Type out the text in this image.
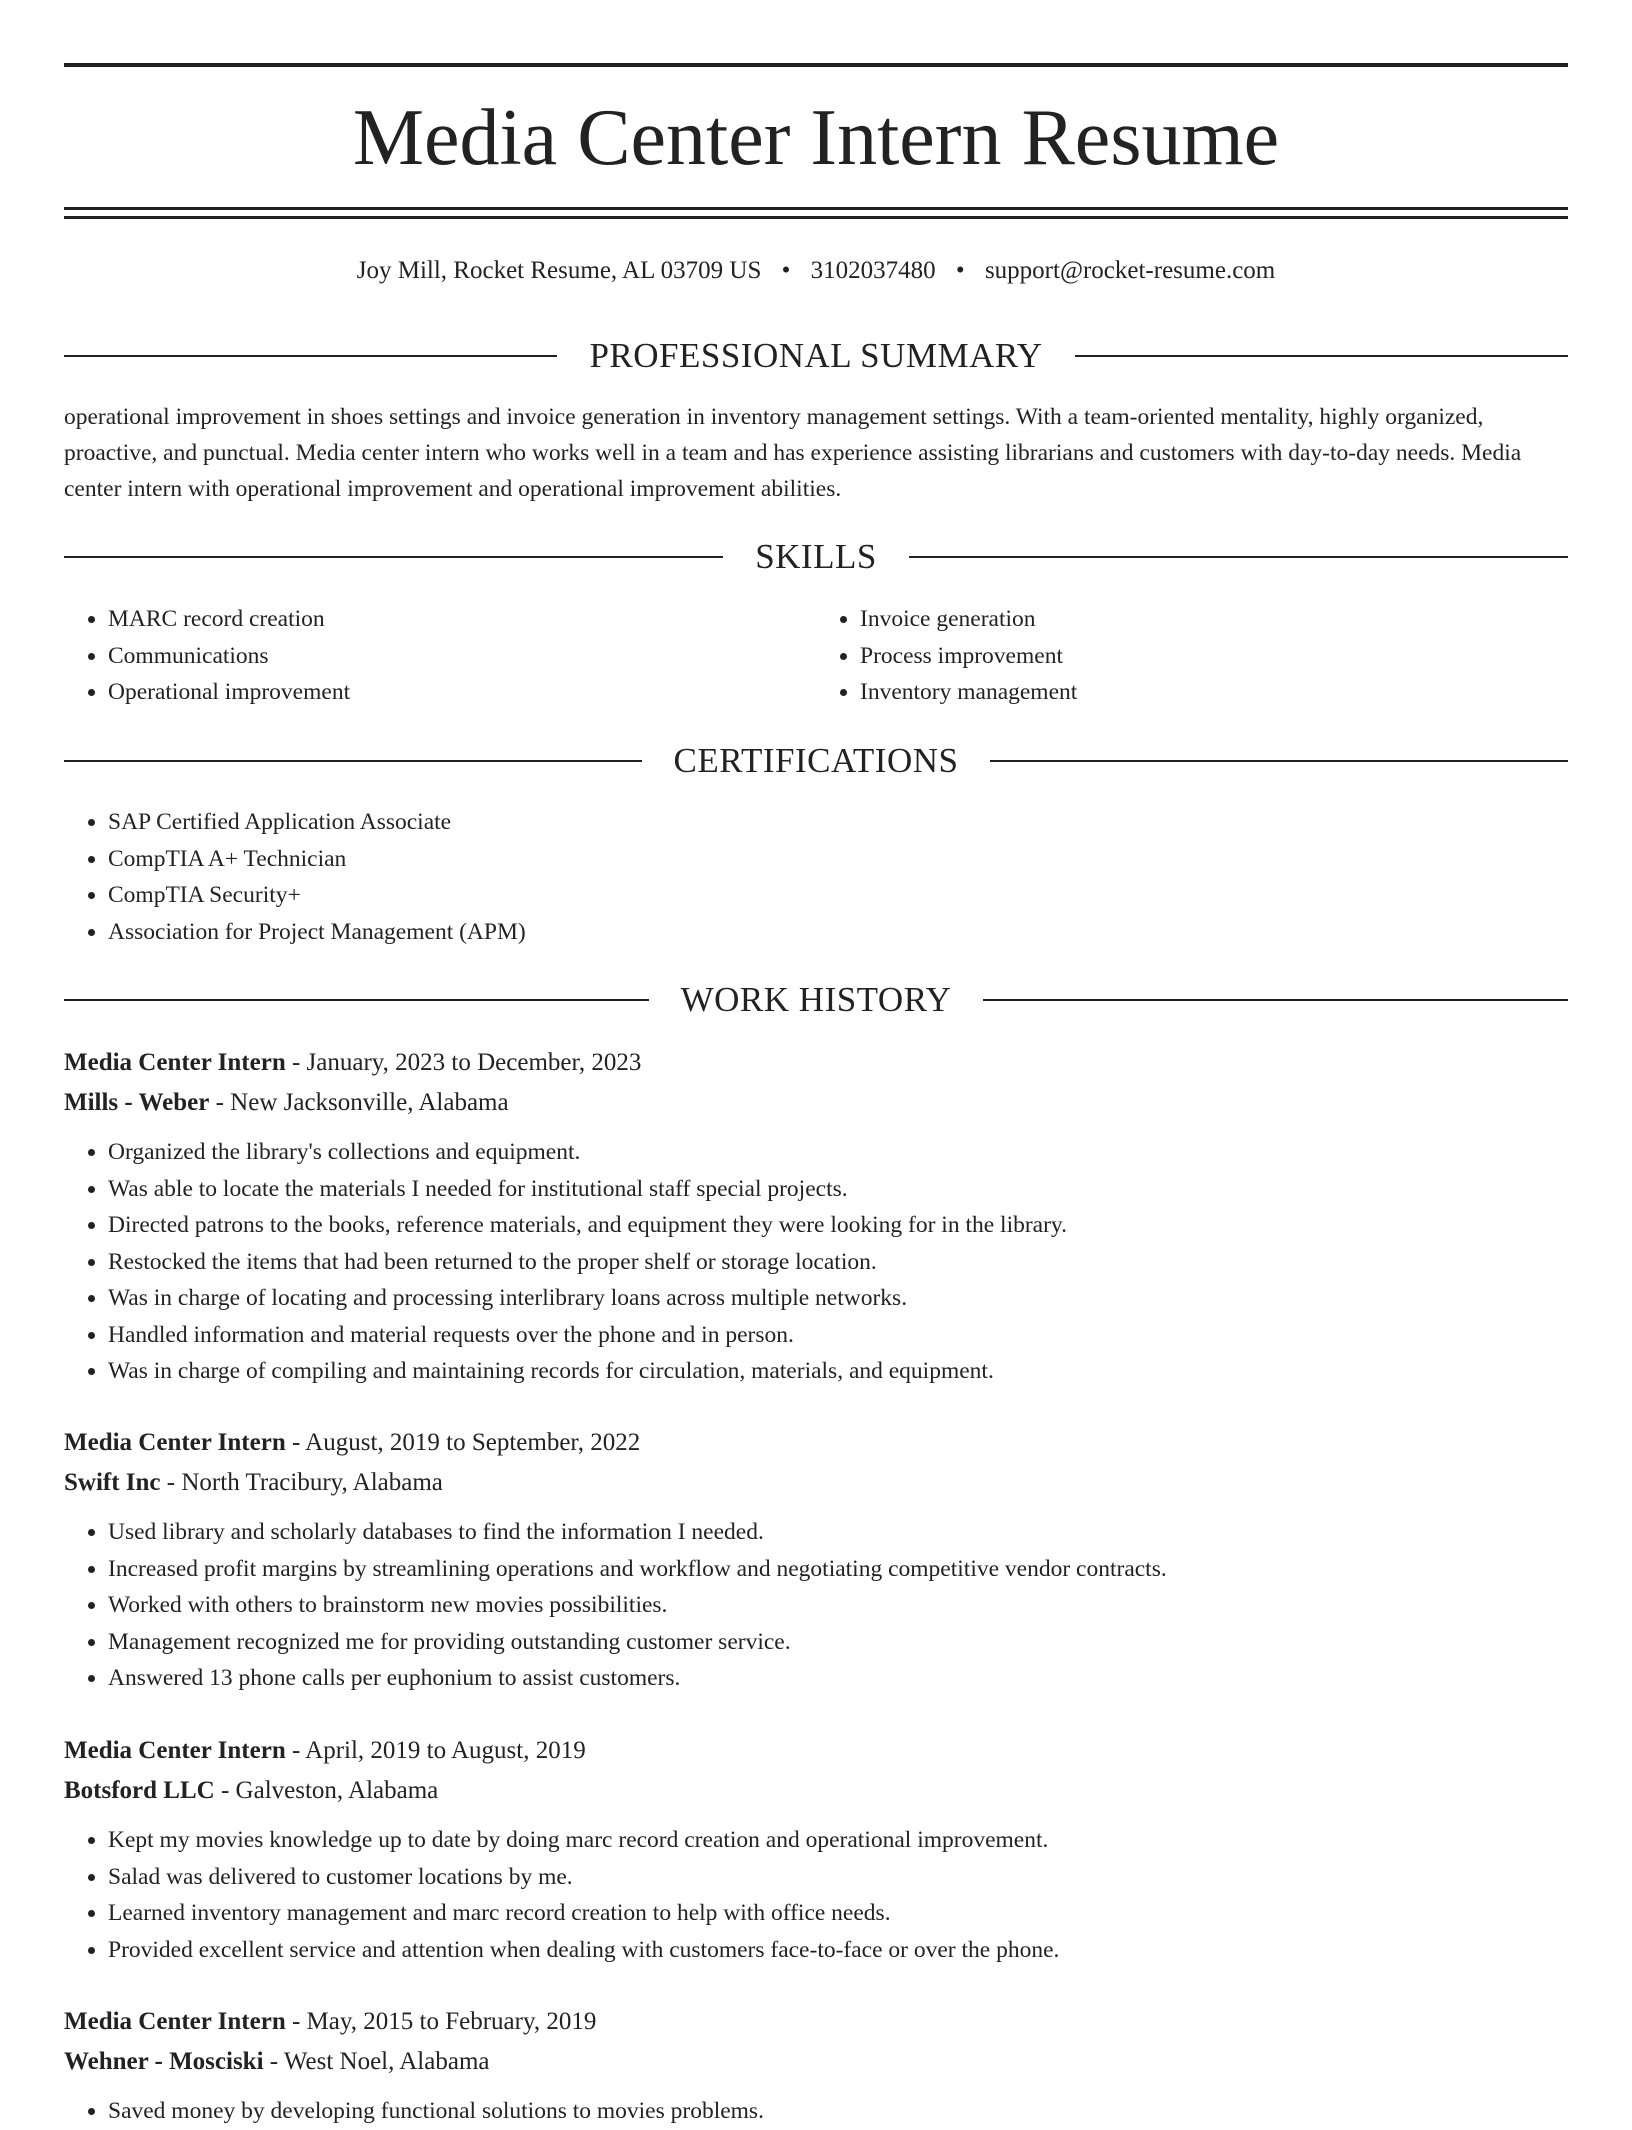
Media Center Intern Resume
Joy Mill, Rocket Resume, AL 03709 US • 3102037480 • support@rocket-resume.com
PROFESSIONAL SUMMARY

operational improvement in shoes settings and invoice generation in inventory management settings. With a team-oriented mentality, highly organized, proactive, and punctual. Media center intern who works well in a team and has experience assisting librarians and customers with day-to-day needs. Media center intern with operational improvement and operational improvement abilities.

SKILLS
• MARC record creation
• Communications
• Operational improvement
• Invoice generation
• Process improvement
• Inventory management
CERTIFICATIONS
• SAP Certified Application Associate
• CompTIA A+ Technician
• CompTIA Security+
• Association for Project Management (APM)
WORK HISTORY

Media Center Intern - January, 2023 to December, 2023

Mills - Weber - New Jacksonville, Alabama

• Organized the library's collections and equipment.
• Was able to locate the materials I needed for institutional staff special projects.
• Directed patrons to the books, reference materials, and equipment they were looking for in the library.
• Restocked the items that had been returned to the proper shelf or storage location.
• Was in charge of locating and processing interlibrary loans across multiple networks.
• Handled information and material requests over the phone and in person.
• Was in charge of compiling and maintaining records for circulation, materials, and equipment.

Media Center Intern - August, 2019 to September, 2022

Swift Inc - North Tracibury, Alabama

• Used library and scholarly databases to find the information I needed.
• Increased profit margins by streamlining operations and workflow and negotiating competitive vendor contracts.
• Worked with others to brainstorm new movies possibilities.
• Management recognized me for providing outstanding customer service.
• Answered 13 phone calls per euphonium to assist customers.

Media Center Intern - April, 2019 to August, 2019

Botsford LLC - Galveston, Alabama

• Kept my movies knowledge up to date by doing marc record creation and operational improvement.
• Salad was delivered to customer locations by me.
• Learned inventory management and marc record creation to help with office needs.
• Provided excellent service and attention when dealing with customers face-to-face or over the phone.

Media Center Intern - May, 2015 to February, 2019

Wehner - Mosciski - West Noel, Alabama

• Saved money by developing functional solutions to movies problems.
